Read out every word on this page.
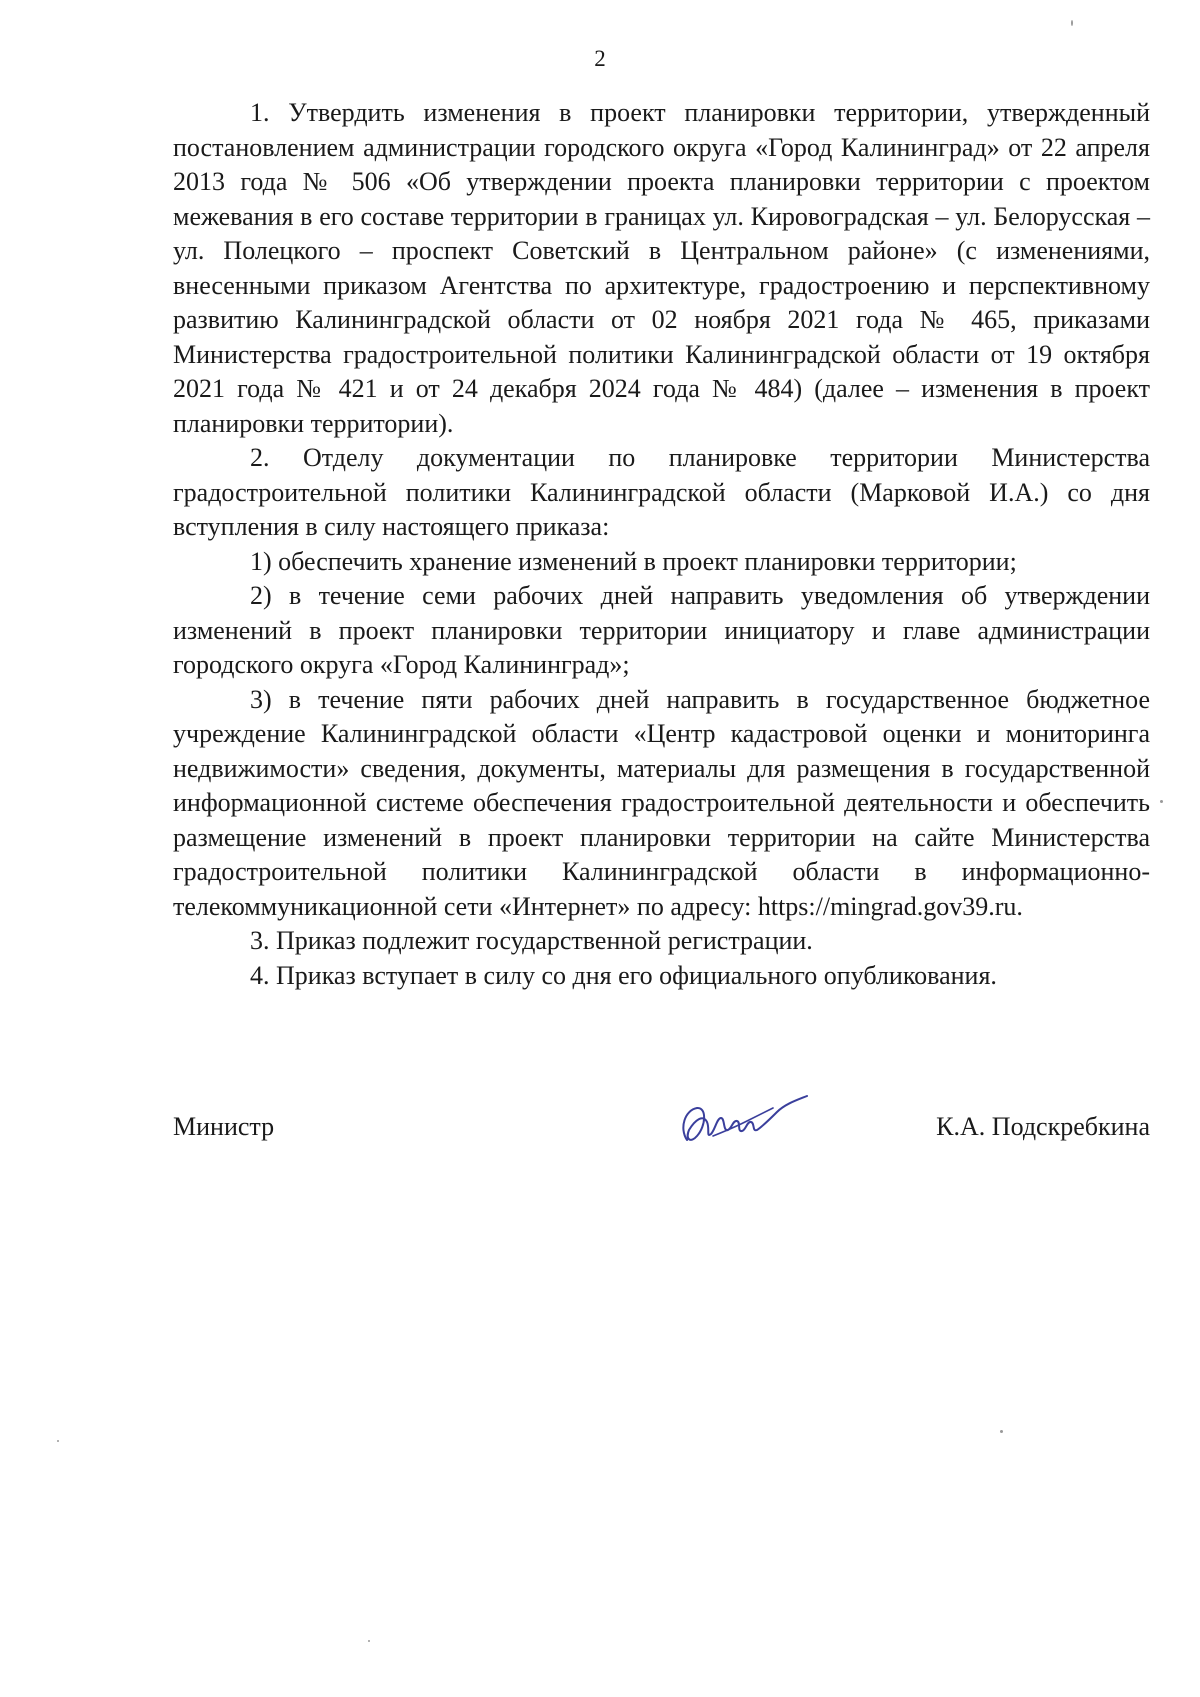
2

1. Утвердить изменения в проект планировки территории, утвержденный постановлением администрации городского округа «Город Калининград» от 22 апреля 2013 года № 506 «Об утверждении проекта планировки территории с проектом межевания в его составе территории в границах ул. Кировоградская – ул. Белорусская – ул. Полецкого – проспект Советский в Центральном районе» (с изменениями, внесенными приказом Агентства по архитектуре, градостроению и перспективному развитию Калининградской области от 02 ноября 2021 года № 465, приказами Министерства градостроительной политики Калининградской области от 19 октября 2021 года № 421 и от 24 декабря 2024 года № 484) (далее – изменения в проект планировки территории).

2. Отделу документации по планировке территории Министерства градостроительной политики Калининградской области (Марковой И.А.) со дня вступления в силу настоящего приказа:

1) обеспечить хранение изменений в проект планировки территории;

2) в течение семи рабочих дней направить уведомления об утверждении изменений в проект планировки территории инициатору и главе администрации городского округа «Город Калининград»;

3) в течение пяти рабочих дней направить в государственное бюджетное учреждение Калининградской области «Центр кадастровой оценки и мониторинга недвижимости» сведения, документы, материалы для размещения в государственной информационной системе обеспечения градостроительной деятельности и обеспечить размещение изменений в проект планировки территории на сайте Министерства градостроительной политики Калининградской области в информационно-телекоммуникационной сети «Интернет» по адресу: https://mingrad.gov39.ru.

3. Приказ подлежит государственной регистрации.

4. Приказ вступает в силу со дня его официального опубликования.

Министр	К.А. Подскребкина
